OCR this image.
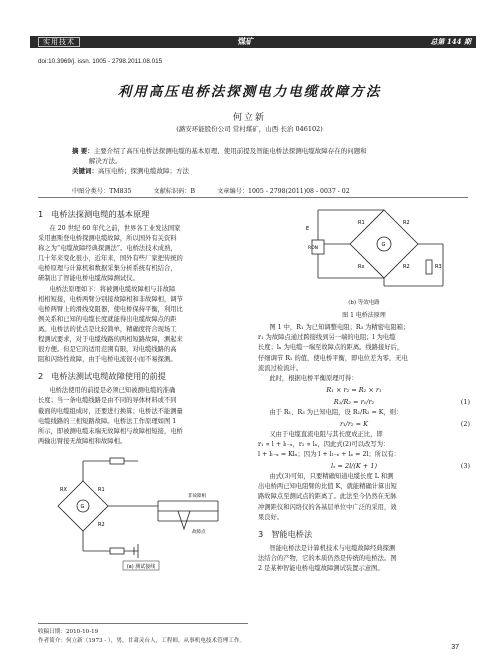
实用技术	煤矿	总第 144 期
doi:10.3969/j. issn. 1005 - 2798.2011.08.015
利用高压电桥法探测电力电缆故障方法
何立新
(潞安环能股份公司 常村煤矿，山西 长治 046102)
摘 要：主要介绍了高压电桥法探测电缆的基本原理、使用前提及智能电桥法探测电缆故障存在的问题和
解决方法。
关键词：高压电桥；探测电缆故障；方法
中图分类号：TM835	文献标识码：B	文章编号：1005 - 2798(2011)08 - 0037 - 02
1 电桥法探测电缆的基本原理
在 20 世纪 60 年代之前，世界各工业发达国家
采用惠斯登电桥探测电缆故障，所以国外有关资料
称之为“电缆故障经典探测法”。电桥法技术成熟，
几十年来变化很小，近年来，国外有些厂家把传统的
电桥原理与计算机和数据采集分析系统有机结合，
研制出了智能电桥电缆故障测试仪。
电桥法原理如下：将被测电缆故障相与非故障
相相短接，电桥两臂分别接故障相和非故障相，调节
电桥两臂上的滑线变阻器，使电桥保持平衡，利用比
例关系和已知的电缆长度就能得出电缆故障点的距
离。电桥法的优点是比较简单，精确度符合现场工
程测试要求，对于电缆线路的两相短路故障，测起来
很方便。但是它的适用范围有限，对电缆线路的高
阻和闪络性故障，由于电桥电流很小而不易探测。
2 电桥法测试电缆故障使用的前提
电桥法使用的前提是必须已知被测电缆的准确
长度；当一条电缆线路是由不同的导体材料或不同
截面的电缆组成时，还要进行换算；电桥法不能测量
电缆线路的三相短路故障。电桥法工作原理如图 1
所示，即被测电缆末端无故障相与故障相短接，电桥
两输出臂接无故障相和故障相。
RX	R1
R2
G
故障点
非故障相
(a) 测试接线
R1	R2
Rx	R2	R3
G
E
RON
(b) 等效电路
图 1 电桥法原理
图 1 中，R₁ 为已知调整电阻；R₃ 为精密电阻箱；
r₁ 为故障点通过跨接线到另一端的电阻；l 为电缆
长度；lₓ 为电缆一端至故障点的距离。线路接好后，
仔细调节 R₁ 的值，使电桥平衡，即电位差为零，无电
流流过检流计。
此时，根据电桥平衡原理可得：
R₁ × r₂ = R₂ × r₁
R₁/R₂ = r₁/r₂	(1)
由于 R₁、R₃ 为已知电阻，设 R₁/R₂ = K，则：
r₁/r₂ = K	(2)
又由于电缆直流电阻与其长度成正比，即
r₁ ∝ l + lₗ₋ₓ，r₂ ∝ lₓ，因此式(2)可以改写为：
l + lₗ₋ₓ = Klₓ；因为 l + lₗ₋ₓ + lₓ = 2l；所以有：
lₓ = 2l/(K + 1)	(3)
由式(3)可知，只要精确知道电缆长度 L 和测
出电桥两已知电阻臂的比值 K，就能精确计算出短
路故障点至测试点的距离了。此法至今仍然在无脉
冲测距仪和闪络仪的各基层单位中广泛的采用，效
果良好。
3 智能电桥法
智能电桥法是计算机技术与电缆故障经典探测
法结合的产物，它的本质仍然是传统的电桥法。图
2 是某种智能电桥电缆故障测试装置示意图。
收稿日期：2010-10-19
作者简介：何立新（1973 - ），男，甘肃灵台人，工程师，从事机电技术管理工作。
37
